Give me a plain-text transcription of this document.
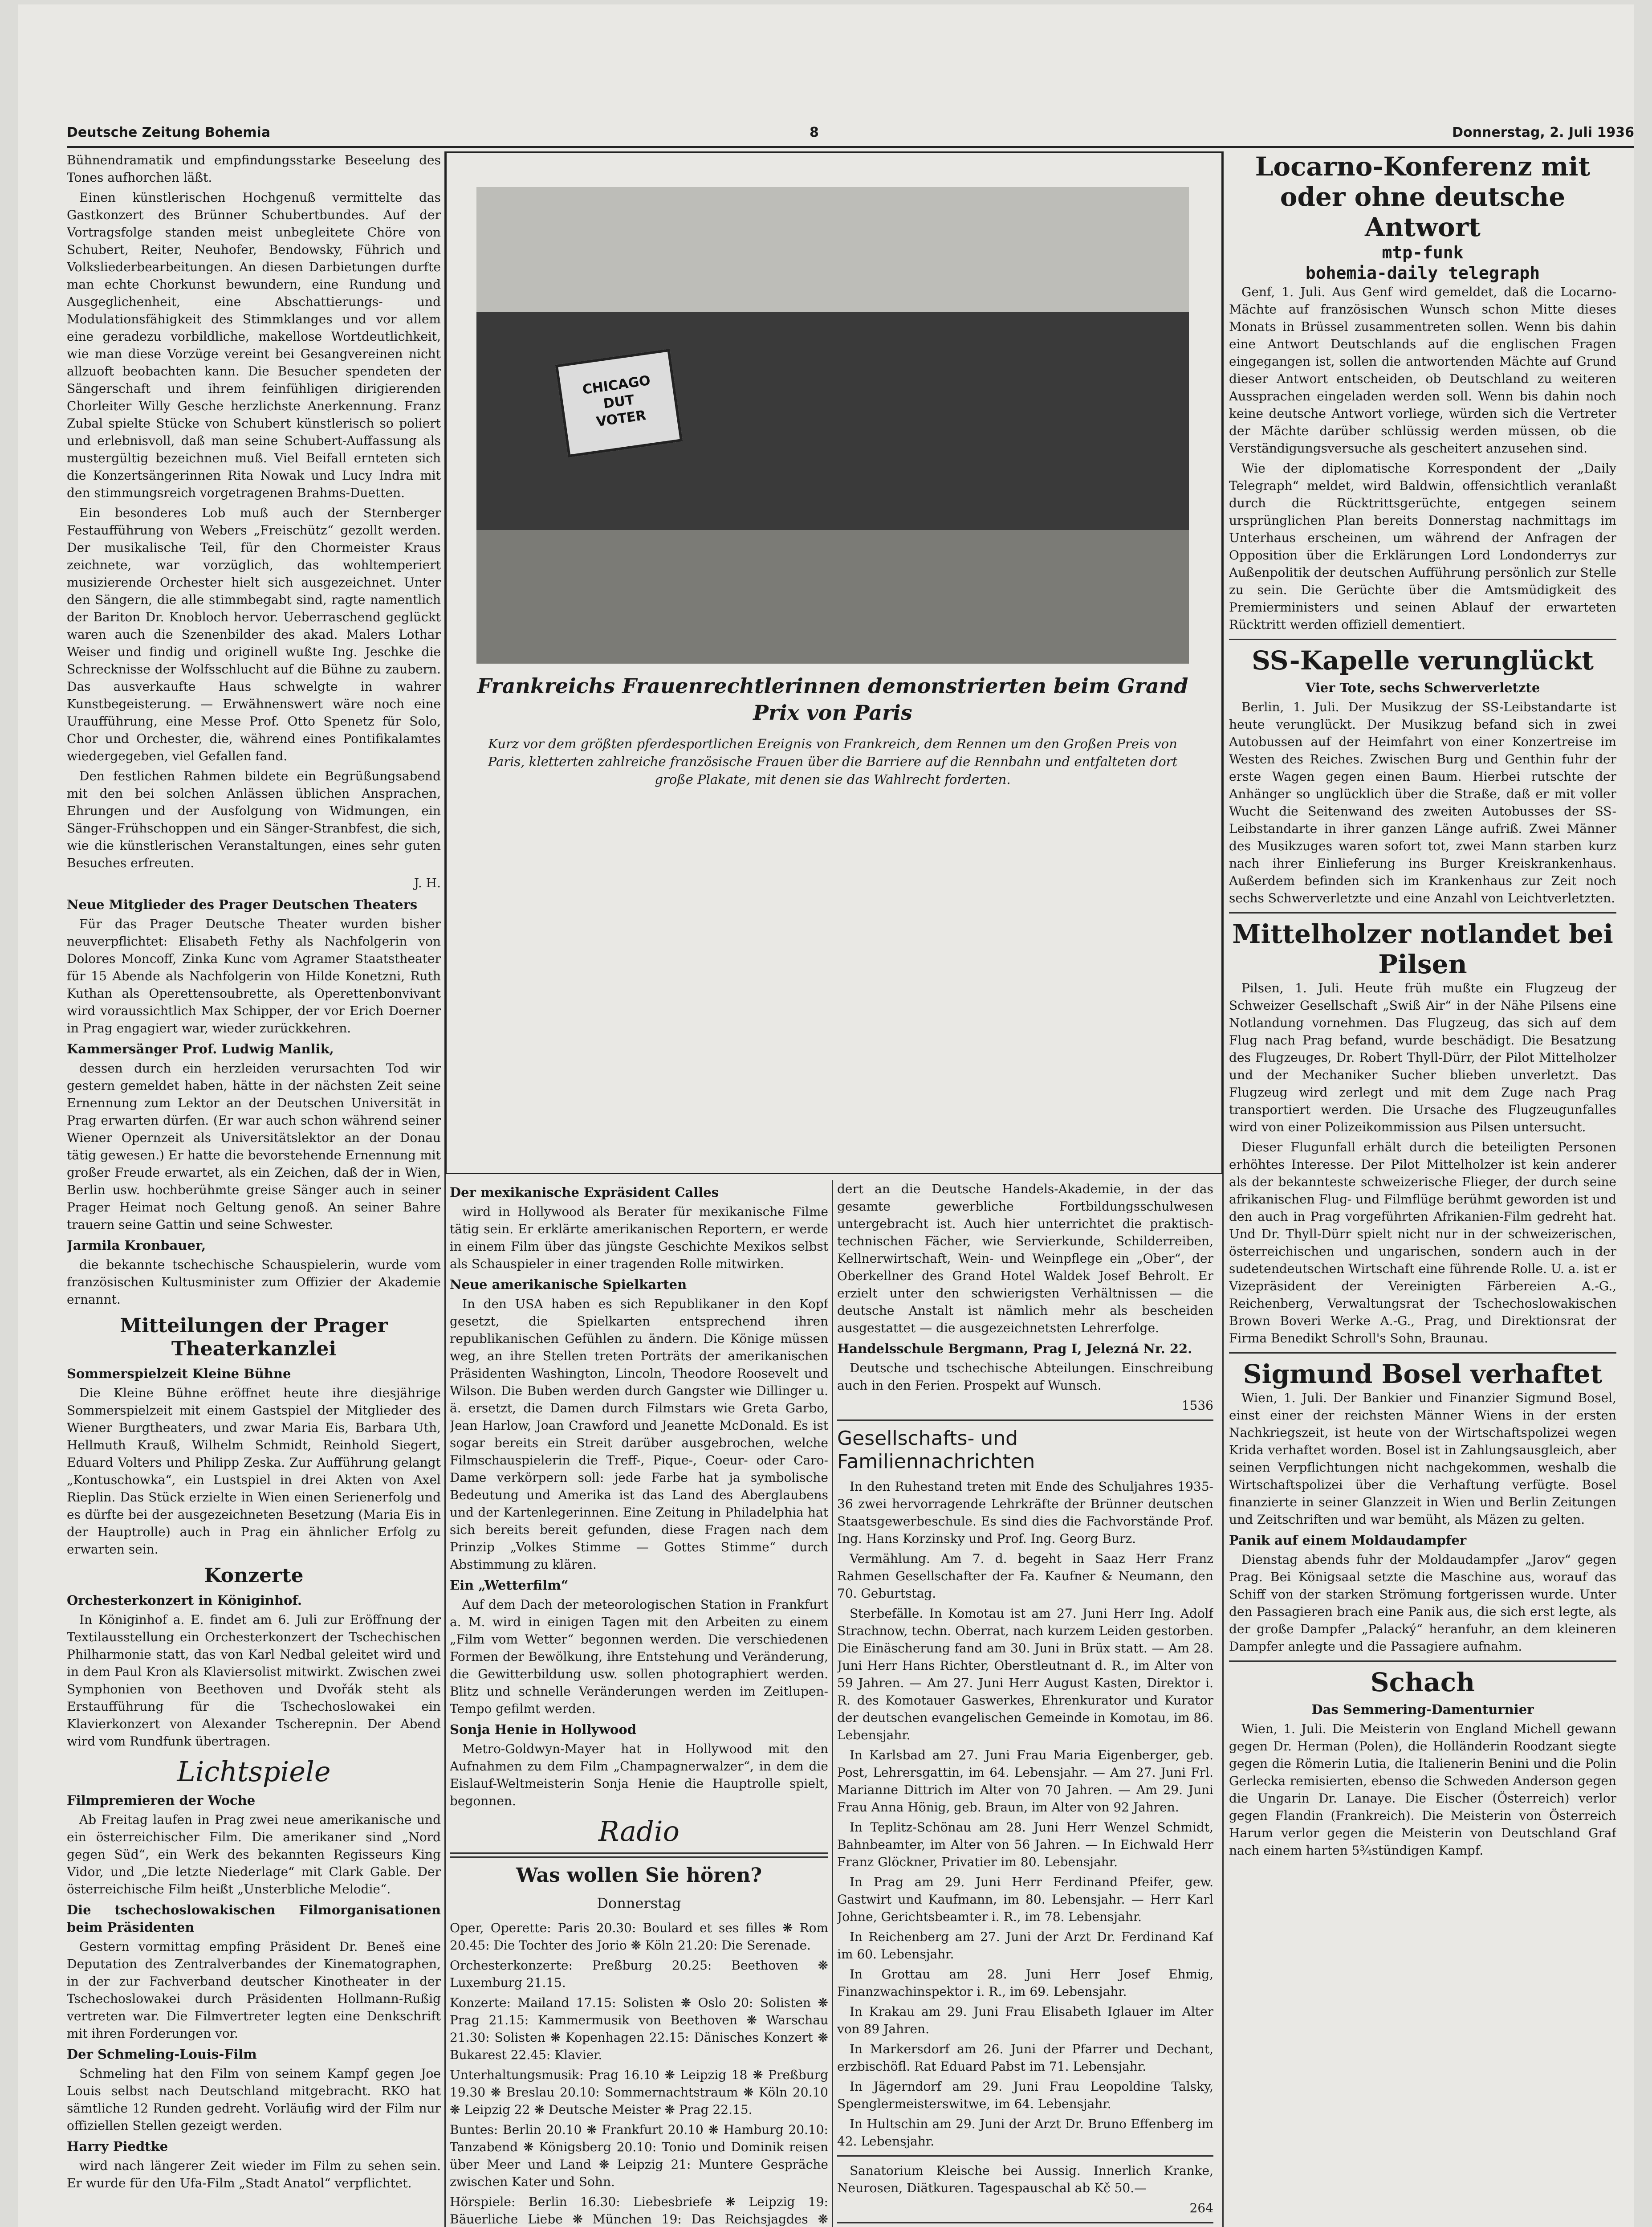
Deutsche Zeitung Bohemia	8	Donnerstag, 2. Juli 1936

Bühnendramatik und empfindungsstarke Beseelung des Tones aufhorchen läßt.

Einen künstlerischen Hochgenuß vermittelte das Gastkonzert des Brünner Schubertbundes. Auf der Vortragsfolge standen meist unbegleitete Chöre von Schubert, Reiter, Neuhofer, Bendowsky, Führich und Volksliederbearbeitungen. An diesen Darbietungen durfte man echte Chorkunst bewundern, eine Rundung und Ausgeglichenheit, eine Abschattierungs- und Modulationsfähigkeit des Stimmklanges und vor allem eine geradezu vorbildliche, makellose Wortdeutlichkeit, wie man diese Vorzüge vereint bei Gesangvereinen nicht allzuoft beobachten kann. Die Besucher spendeten der Sängerschaft und ihrem feinfühligen dirigierenden Chorleiter Willy Gesche herzlichste Anerkennung. Franz Zubal spielte Stücke von Schubert künstlerisch so poliert und erlebnisvoll, daß man seine Schubert-Auffassung als mustergültig bezeichnen muß. Viel Beifall ernteten sich die Konzertsängerinnen Rita Nowak und Lucy Indra mit den stimmungsreich vorgetragenen Brahms-Duetten.

Ein besonderes Lob muß auch der Sternberger Festaufführung von Webers „Freischütz“ gezollt werden. Der musikalische Teil, für den Chormeister Kraus zeichnete, war vorzüglich, das wohltemperiert musizierende Orchester hielt sich ausgezeichnet. Unter den Sängern, die alle stimmbegabt sind, ragte namentlich der Bariton Dr. Knobloch hervor. Ueberraschend geglückt waren auch die Szenenbilder des akad. Malers Lothar Weiser und findig und originell wußte Ing. Jeschke die Schrecknisse der Wolfsschlucht auf die Bühne zu zaubern. Das ausverkaufte Haus schwelgte in wahrer Kunstbegeisterung. — Erwähnenswert wäre noch eine Uraufführung, eine Messe Prof. Otto Spenetz für Solo, Chor und Orchester, die, während eines Pontifikalamtes wiedergegeben, viel Gefallen fand.

Den festlichen Rahmen bildete ein Begrüßungsabend mit den bei solchen Anlässen üblichen Ansprachen, Ehrungen und der Ausfolgung von Widmungen, ein Sänger-Frühschoppen und ein Sänger-Stranbfest, die sich, wie die künstlerischen Veranstaltungen, eines sehr guten Besuches erfreuten.

J. H.
Neue Mitglieder des Prager Deutschen Theaters

Für das Prager Deutsche Theater wurden bisher neuverpflichtet: Elisabeth Fethy als Nachfolgerin von Dolores Moncoff, Zinka Kunc vom Agramer Staatstheater für 15 Abende als Nachfolgerin von Hilde Konetzni, Ruth Kuthan als Operettensoubrette, als Operettenbonvivant wird voraussichtlich Max Schipper, der vor Erich Doerner in Prag engagiert war, wieder zurückkehren.

Kammersänger Prof. Ludwig Manlik,

dessen durch ein herzleiden verursachten Tod wir gestern gemeldet haben, hätte in der nächsten Zeit seine Ernennung zum Lektor an der Deutschen Universität in Prag erwarten dürfen. (Er war auch schon während seiner Wiener Opernzeit als Universitätslektor an der Donau tätig gewesen.) Er hatte die bevorstehende Ernennung mit großer Freude erwartet, als ein Zeichen, daß der in Wien, Berlin usw. hochberühmte greise Sänger auch in seiner Prager Heimat noch Geltung genoß. An seiner Bahre trauern seine Gattin und seine Schwester.

Jarmila Kronbauer,

die bekannte tschechische Schauspielerin, wurde vom französischen Kultusminister zum Offizier der Akademie ernannt.

Mitteilungen der Prager Theaterkanzlei
Sommerspielzeit Kleine Bühne

Die Kleine Bühne eröffnet heute ihre diesjährige Sommerspielzeit mit einem Gastspiel der Mitglieder des Wiener Burgtheaters, und zwar Maria Eis, Barbara Uth, Hellmuth Krauß, Wilhelm Schmidt, Reinhold Siegert, Eduard Volters und Philipp Zeska. Zur Aufführung gelangt „Kontuschowka“, ein Lustspiel in drei Akten von Axel Rieplin. Das Stück erzielte in Wien einen Serienerfolg und es dürfte bei der ausgezeichneten Besetzung (Maria Eis in der Hauptrolle) auch in Prag ein ähnlicher Erfolg zu erwarten sein.

Konzerte
Orchesterkonzert in Königinhof.

In Königinhof a. E. findet am 6. Juli zur Eröffnung der Textilausstellung ein Orchesterkonzert der Tschechischen Philharmonie statt, das von Karl Nedbal geleitet wird und in dem Paul Kron als Klaviersolist mitwirkt. Zwischen zwei Symphonien von Beethoven und Dvořák steht als Erstaufführung für die Tschechoslowakei ein Klavierkonzert von Alexander Tscherepnin. Der Abend wird vom Rundfunk übertragen.

Lichtspiele
Filmpremieren der Woche

Ab Freitag laufen in Prag zwei neue amerikanische und ein österreichischer Film. Die amerikaner sind „Nord gegen Süd“, ein Werk des bekannten Regisseurs King Vidor, und „Die letzte Niederlage“ mit Clark Gable. Der österreichische Film heißt „Unsterbliche Melodie“.

Die tschechoslowakischen Filmorganisationen beim Präsidenten

Gestern vormittag empfing Präsident Dr. Beneš eine Deputation des Zentralverbandes der Kinematographen, in der zur Fachverband deutscher Kinotheater in der Tschechoslowakei durch Präsidenten Hollmann-Rußig vertreten war. Die Filmvertreter legten eine Denkschrift mit ihren Forderungen vor.

Der Schmeling-Louis-Film

Schmeling hat den Film von seinem Kampf gegen Joe Louis selbst nach Deutschland mitgebracht. RKO hat sämtliche 12 Runden gedreht. Vorläufig wird der Film nur offiziellen Stellen gezeigt werden.

Harry Piedtke

wird nach längerer Zeit wieder im Film zu sehen sein. Er wurde für den Ufa-Film „Stadt Anatol“ verpflichtet.

CHICAGO
DUT
VOTER
Frankreichs Frauenrechtlerinnen demonstrierten beim Grand Prix von Paris
Kurz vor dem größten pferdesportlichen Ereignis von Frankreich, dem Rennen um den Großen Preis von Paris, kletterten zahlreiche französische Frauen über die Barriere auf die Rennbahn und entfalteten dort große Plakate, mit denen sie das Wahlrecht forderten.
Der mexikanische Expräsident Calles

wird in Hollywood als Berater für mexikanische Filme tätig sein. Er erklärte amerikanischen Reportern, er werde in einem Film über das jüngste Geschichte Mexikos selbst als Schauspieler in einer tragenden Rolle mitwirken.

Neue amerikanische Spielkarten

In den USA haben es sich Republikaner in den Kopf gesetzt, die Spielkarten entsprechend ihren republikanischen Gefühlen zu ändern. Die Könige müssen weg, an ihre Stellen treten Porträts der amerikanischen Präsidenten Washington, Lincoln, Theodore Roosevelt und Wilson. Die Buben werden durch Gangster wie Dillinger u. ä. ersetzt, die Damen durch Filmstars wie Greta Garbo, Jean Harlow, Joan Crawford und Jeanette McDonald. Es ist sogar bereits ein Streit darüber ausgebrochen, welche Filmschauspielerin die Treff-, Pique-, Coeur- oder Caro-Dame verkörpern soll: jede Farbe hat ja symbolische Bedeutung und Amerika ist das Land des Aberglaubens und der Kartenlegerinnen. Eine Zeitung in Philadelphia hat sich bereits bereit gefunden, diese Fragen nach dem Prinzip „Volkes Stimme — Gottes Stimme“ durch Abstimmung zu klären.

Ein „Wetterfilm“

Auf dem Dach der meteorologischen Station in Frankfurt a. M. wird in einigen Tagen mit den Arbeiten zu einem „Film vom Wetter“ begonnen werden. Die verschiedenen Formen der Bewölkung, ihre Entstehung und Veränderung, die Gewitterbildung usw. sollen photographiert werden. Blitz und schnelle Veränderungen werden im Zeitlupen-Tempo gefilmt werden.

Sonja Henie in Hollywood

Metro-Goldwyn-Mayer hat in Hollywood mit den Aufnahmen zu dem Film „Champagnerwalzer“, in dem die Eislauf-Weltmeisterin Sonja Henie die Hauptrolle spielt, begonnen.

Radio
Was wollen Sie hören?
Donnerstag

Oper, Operette: Paris 20.30: Boulard et ses filles ❋ Rom 20.45: Die Tochter des Jorio ❋ Köln 21.20: Die Serenade.

Orchesterkonzerte: Preßburg 20.25: Beethoven ❋ Luxemburg 21.15.

Konzerte: Mailand 17.15: Solisten ❋ Oslo 20: Solisten ❋ Prag 21.15: Kammermusik von Beethoven ❋ Warschau 21.30: Solisten ❋ Kopenhagen 22.15: Dänisches Konzert ❋ Bukarest 22.45: Klavier.

Unterhaltungsmusik: Prag 16.10 ❋ Leipzig 18 ❋ Preßburg 19.30 ❋ Breslau 20.10: Sommernachtstraum ❋ Köln 20.10 ❋ Leipzig 22 ❋ Deutsche Meister ❋ Prag 22.15.

Buntes: Berlin 20.10 ❋ Frankfurt 20.10 ❋ Hamburg 20.10: Tanzabend ❋ Königsberg 20.10: Tonio und Dominik reisen über Meer und Land ❋ Leipzig 21: Muntere Gespräche zwischen Kater und Sohn.

Hörspiele: Berlin 16.30: Liebesbriefe ❋ Leipzig 19: Bäuerliche Liebe ❋ München 19: Das Reichsjagdes ❋

dert an die Deutsche Handels-Akademie, in der das gesamte gewerbliche Fortbildungsschulwesen untergebracht ist. Auch hier unterrichtet die praktisch-technischen Fächer, wie Servierkunde, Schilderreiben, Kellnerwirtschaft, Wein- und Weinpflege ein „Ober“, der Oberkellner des Grand Hotel Waldek Josef Behrolt. Er erzielt unter den schwierigsten Verhältnissen — die deutsche Anstalt ist nämlich mehr als bescheiden ausgestattet — die ausgezeichnetsten Lehrerfolge.

Handelsschule Bergmann, Prag I, Jelezná Nr. 22.

Deutsche und tschechische Abteilungen. Einschreibung auch in den Ferien. Prospekt auf Wunsch.

1536
Gesellschafts- und Familiennachrichten

In den Ruhestand treten mit Ende des Schuljahres 1935-36 zwei hervorragende Lehrkräfte der Brünner deutschen Staatsgewerbeschule. Es sind dies die Fachvorstände Prof. Ing. Hans Korzinsky und Prof. Ing. Georg Burz.

Vermählung. Am 7. d. begeht in Saaz Herr Franz Rahmen Gesellschafter der Fa. Kaufner & Neumann, den 70. Geburtstag.

Sterbefälle. In Komotau ist am 27. Juni Herr Ing. Adolf Strachnow, techn. Oberrat, nach kurzem Leiden gestorben. Die Einäscherung fand am 30. Juni in Brüx statt. — Am 28. Juni Herr Hans Richter, Oberstleutnant d. R., im Alter von 59 Jahren. — Am 27. Juni Herr August Kasten, Direktor i. R. des Komotauer Gaswerkes, Ehrenkurator und Kurator der deutschen evangelischen Gemeinde in Komotau, im 86. Lebensjahr.

In Karlsbad am 27. Juni Frau Maria Eigenberger, geb. Post, Lehrersgattin, im 64. Lebensjahr. — Am 27. Juni Frl. Marianne Dittrich im Alter von 70 Jahren. — Am 29. Juni Frau Anna Hönig, geb. Braun, im Alter von 92 Jahren.

In Teplitz-Schönau am 28. Juni Herr Wenzel Schmidt, Bahnbeamter, im Alter von 56 Jahren. — In Eichwald Herr Franz Glöckner, Privatier im 80. Lebensjahr.

In Prag am 29. Juni Herr Ferdinand Pfeifer, gew. Gastwirt und Kaufmann, im 80. Lebensjahr. — Herr Karl Johne, Gerichtsbeamter i. R., im 78. Lebensjahr.

In Reichenberg am 27. Juni der Arzt Dr. Ferdinand Kaf im 60. Lebensjahr.

In Grottau am 28. Juni Herr Josef Ehmig, Finanzwachinspektor i. R., im 69. Lebensjahr.

In Krakau am 29. Juni Frau Elisabeth Iglauer im Alter von 89 Jahren.

In Markersdorf am 26. Juni der Pfarrer und Dechant, erzbischöfl. Rat Eduard Pabst im 71. Lebensjahr.

In Jägerndorf am 29. Juni Frau Leopoldine Talsky, Spenglermeisterswitwe, im 64. Lebensjahr.

In Hultschin am 29. Juni der Arzt Dr. Bruno Effenberg im 42. Lebensjahr.

Sanatorium Kleische bei Aussig. Innerlich Kranke, Neurosen, Diätkuren. Tagespauschal ab Kč 50.—

264

Locarno-Konferenz mit oder ohne deutsche Antwort
mtp-funk
bohemia-daily telegraph

Genf, 1. Juli. Aus Genf wird gemeldet, daß die Locarno-Mächte auf französischen Wunsch schon Mitte dieses Monats in Brüssel zusammentreten sollen. Wenn bis dahin eine Antwort Deutschlands auf die englischen Fragen eingegangen ist, sollen die antwortenden Mächte auf Grund dieser Antwort entscheiden, ob Deutschland zu weiteren Aussprachen eingeladen werden soll. Wenn bis dahin noch keine deutsche Antwort vorliege, würden sich die Vertreter der Mächte darüber schlüssig werden müssen, ob die Verständigungsversuche als gescheitert anzusehen sind.

Wie der diplomatische Korrespondent der „Daily Telegraph“ meldet, wird Baldwin, offensichtlich veranlaßt durch die Rücktrittsgerüchte, entgegen seinem ursprünglichen Plan bereits Donnerstag nachmittags im Unterhaus erscheinen, um während der Anfragen der Opposition über die Erklärungen Lord Londonderrys zur Außenpolitik der deutschen Aufführung persönlich zur Stelle zu sein. Die Gerüchte über die Amtsmüdigkeit des Premierministers und seinen Ablauf der erwarteten Rücktritt werden offiziell dementiert.

SS-Kapelle verunglückt
Vier Tote, sechs Schwerverletzte

Berlin, 1. Juli. Der Musikzug der SS-Leibstandarte ist heute verunglückt. Der Musikzug befand sich in zwei Autobussen auf der Heimfahrt von einer Konzertreise im Westen des Reiches. Zwischen Burg und Genthin fuhr der erste Wagen gegen einen Baum. Hierbei rutschte der Anhänger so unglücklich über die Straße, daß er mit voller Wucht die Seitenwand des zweiten Autobusses der SS-Leibstandarte in ihrer ganzen Länge aufriß. Zwei Männer des Musikzuges waren sofort tot, zwei Mann starben kurz nach ihrer Einlieferung ins Burger Kreiskrankenhaus. Außerdem befinden sich im Krankenhaus zur Zeit noch sechs Schwerverletzte und eine Anzahl von Leichtverletzten.

Mittelholzer notlandet bei Pilsen

Pilsen, 1. Juli. Heute früh mußte ein Flugzeug der Schweizer Gesellschaft „Swiß Air“ in der Nähe Pilsens eine Notlandung vornehmen. Das Flugzeug, das sich auf dem Flug nach Prag befand, wurde beschädigt. Die Besatzung des Flugzeuges, Dr. Robert Thyll-Dürr, der Pilot Mittelholzer und der Mechaniker Sucher blieben unverletzt. Das Flugzeug wird zerlegt und mit dem Zuge nach Prag transportiert werden. Die Ursache des Flugzeugunfalles wird von einer Polizeikommission aus Pilsen untersucht.

Dieser Flugunfall erhält durch die beteiligten Personen erhöhtes Interesse. Der Pilot Mittelholzer ist kein anderer als der bekannteste schweizerische Flieger, der durch seine afrikanischen Flug- und Filmflüge berühmt geworden ist und den auch in Prag vorgeführten Afrikanien-Film gedreht hat. Und Dr. Thyll-Dürr spielt nicht nur in der schweizerischen, österreichischen und ungarischen, sondern auch in der sudetendeutschen Wirtschaft eine führende Rolle. U. a. ist er Vizepräsident der Vereinigten Färbereien A.-G., Reichenberg, Verwaltungsrat der Tschechoslowakischen Brown Boveri Werke A.-G., Prag, und Direktionsrat der Firma Benedikt Schroll's Sohn, Braunau.

Sigmund Bosel verhaftet

Wien, 1. Juli. Der Bankier und Finanzier Sigmund Bosel, einst einer der reichsten Männer Wiens in der ersten Nachkriegszeit, ist heute von der Wirtschaftspolizei wegen Krida verhaftet worden. Bosel ist in Zahlungsausgleich, aber seinen Verpflichtungen nicht nachgekommen, weshalb die Wirtschaftspolizei über die Verhaftung verfügte. Bosel finanzierte in seiner Glanzzeit in Wien und Berlin Zeitungen und Zeitschriften und war bemüht, als Mäzen zu gelten.

Panik auf einem Moldaudampfer

Dienstag abends fuhr der Moldaudampfer „Jarov“ gegen Prag. Bei Königsaal setzte die Maschine aus, worauf das Schiff von der starken Strömung fortgerissen wurde. Unter den Passagieren brach eine Panik aus, die sich erst legte, als der große Dampfer „Palacký“ heranfuhr, an dem kleineren Dampfer anlegte und die Passagiere aufnahm.

Schach
Das Semmering-Damenturnier

Wien, 1. Juli. Die Meisterin von England Michell gewann gegen Dr. Herman (Polen), die Holländerin Roodzant siegte gegen die Römerin Lutia, die Italienerin Benini und die Polin Gerlecka remisierten, ebenso die Schweden Anderson gegen die Ungarin Dr. Lanaye. Die Eischer (Österreich) verlor gegen Flandin (Frankreich). Die Meisterin von Österreich Harum verlor gegen die Meisterin von Deutschland Graf nach einem harten 5¾stündigen Kampf.
